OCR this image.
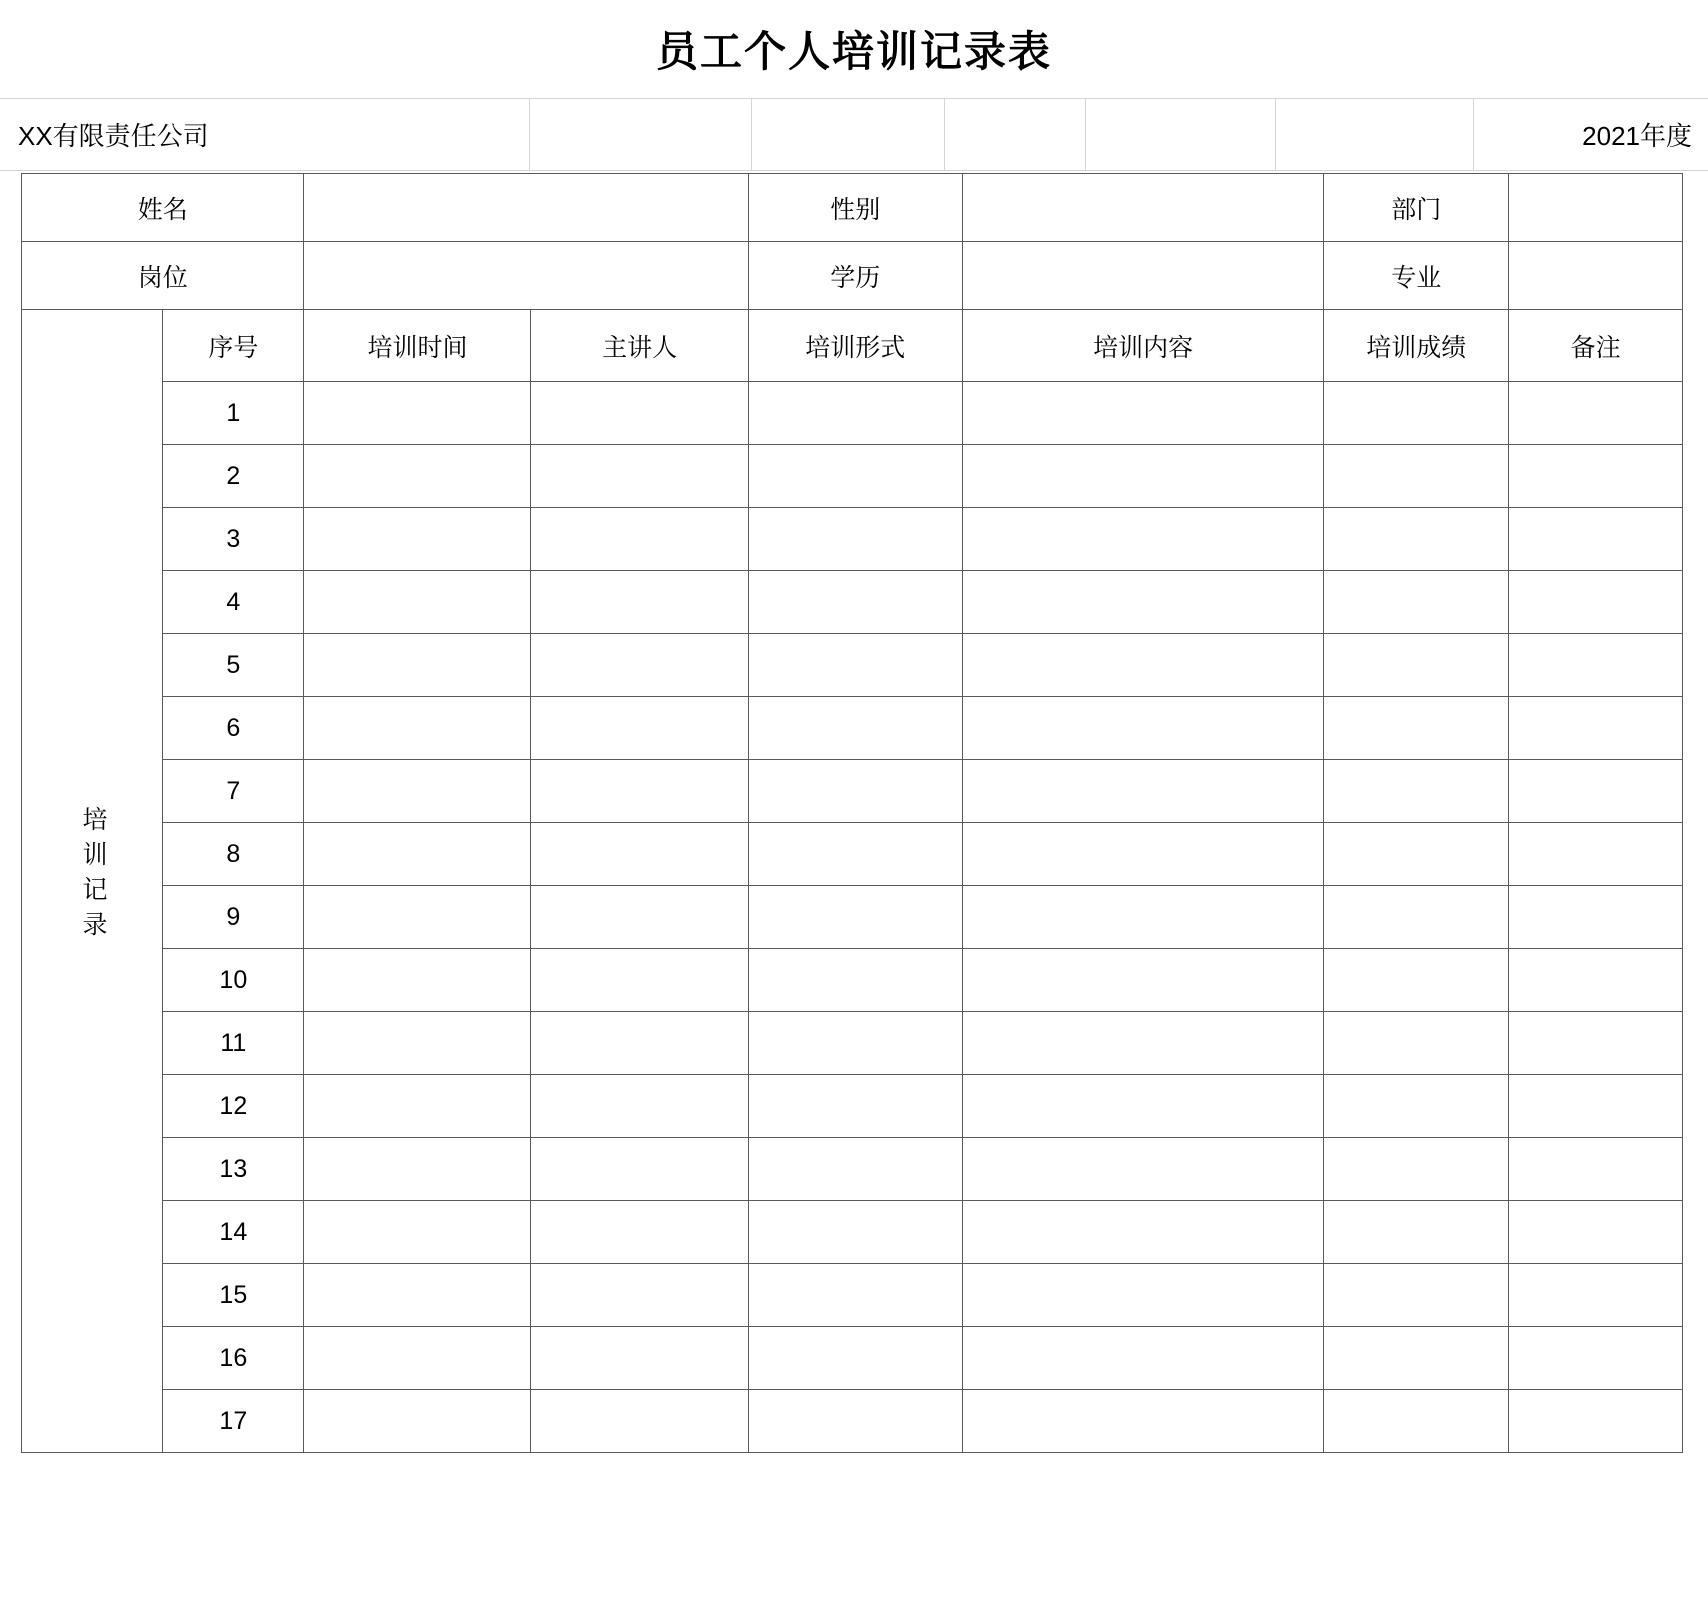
员工个人培训记录表
XX有限责任公司	2021年度
姓名				性别		部门	
岗位				学历		专业	
培训记录	序号	培训时间	主讲人	培训形式	培训内容	培训成绩	备注
	1						
	2						
	3						
	4						
	5						
	6						
	7						
	8						
	9						
	10						
	11						
	12						
	13						
	14						
	15						
	16						
	17						
